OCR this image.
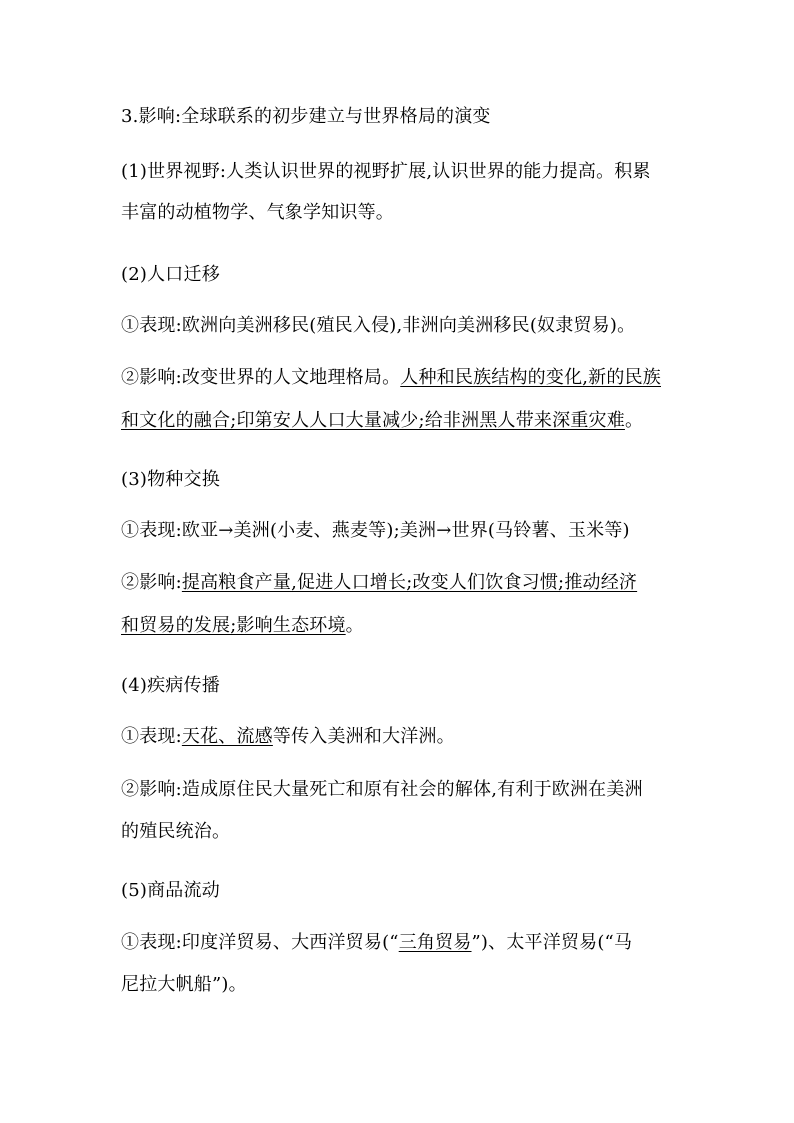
3.影响:全球联系的初步建立与世界格局的演变
(1)世界视野:人类认识世界的视野扩展,认识世界的能力提高。积累
丰富的动植物学、气象学知识等。
(2)人口迁移
①表现:欧洲向美洲移民(殖民入侵),非洲向美洲移民(奴隶贸易)。
②影响:改变世界的人文地理格局。人种和民族结构的变化,新的民族
和文化的融合;印第安人人口大量减少;给非洲黑人带来深重灾难。
(3)物种交换
①表现:欧亚→美洲(小麦、燕麦等);美洲→世界(马铃薯、玉米等)
②影响:提高粮食产量,促进人口增长;改变人们饮食习惯;推动经济
和贸易的发展;影响生态环境。
(4)疾病传播
①表现:天花、流感等传入美洲和大洋洲。
②影响:造成原住民大量死亡和原有社会的解体,有利于欧洲在美洲
的殖民统治。
(5)商品流动
①表现:印度洋贸易、大西洋贸易(“三角贸易”)、太平洋贸易(“马
尼拉大帆船”)。
